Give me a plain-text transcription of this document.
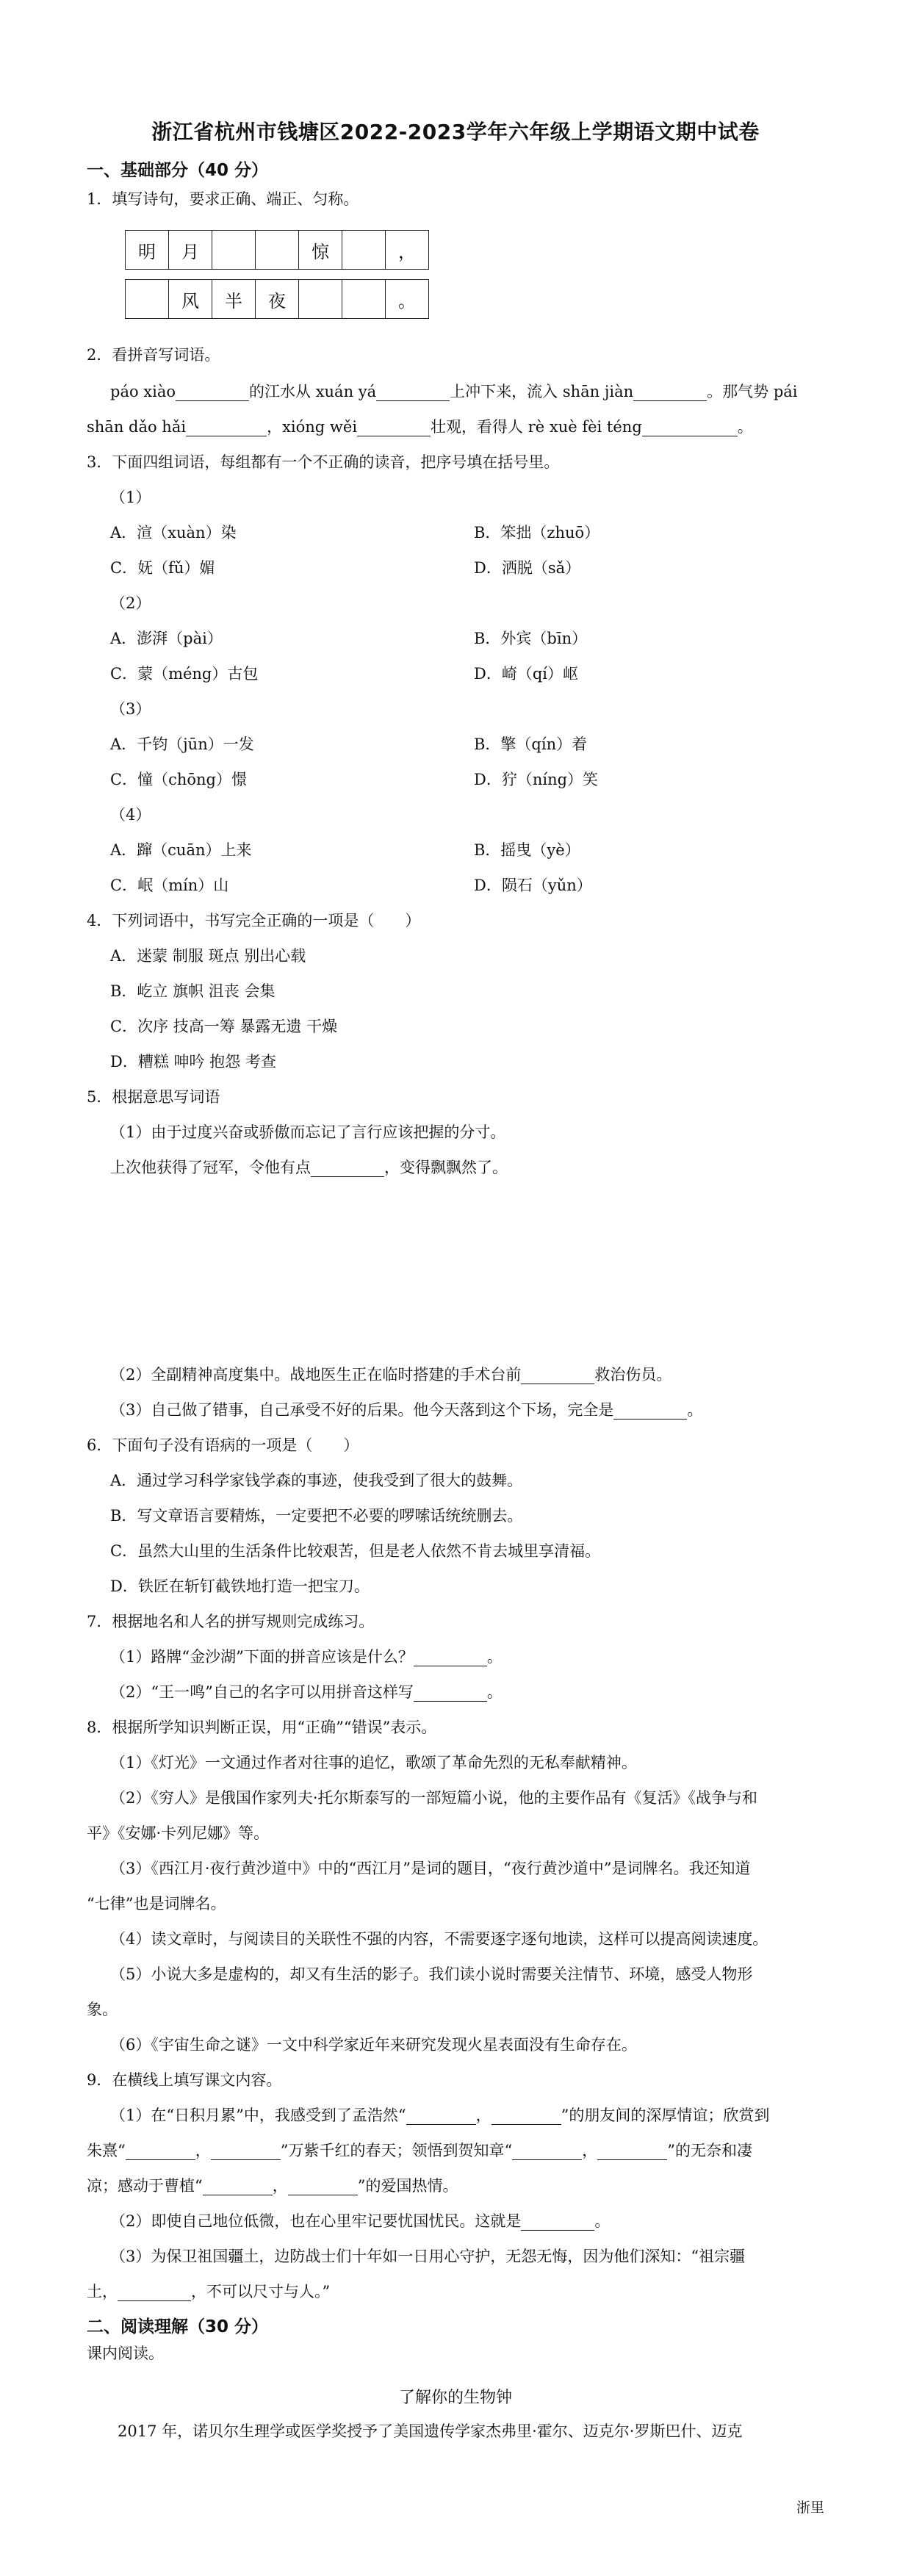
浙江省杭州市钱塘区2022-2023学年六年级上学期语文期中试卷
一、基础部分（40 分）
1．填写诗句，要求正确、端正、匀称。
明	月			惊		，
	风	半	夜			。
2．看拼音写词语。
páo xiào	的江水从 xuán yá	上冲下来，流入 shān jiàn	。那气势 pái
shān dǎo hǎi	，xióng wěi	壮观，看得人 rè xuè fèi téng	。
3．下面四组词语，每组都有一个不正确的读音，把序号填在括号里。
（1）
A．渲（xuàn）染	B．笨拙（zhuō）
C．妩（fǔ）媚	D．洒脱（sǎ）
（2）
A．澎湃（pài）	B．外宾（bīn）
C．蒙（méng）古包	D．崎（qí）岖
（3）
A．千钧（jūn）一发	B．擎（qín）着
C．憧（chōng）憬	D．狞（níng）笑
（4）
A．蹿（cuān）上来	B．摇曳（yè）
C．岷（mín）山	D．陨石（yǔn）
4．下列词语中，书写完全正确的一项是（　　）
A．迷蒙 制服 斑点 别出心载
B．屹立 旗帜 沮丧 会集
C．次序 技高一筹 暴露无遗 干燥
D．糟糕 呻吟 抱怨 考查
5．根据意思写词语
（1）由于过度兴奋或骄傲而忘记了言行应该把握的分寸。
上次他获得了冠军，令他有点	，变得飘飘然了。
（2）全副精神高度集中。战地医生正在临时搭建的手术台前	救治伤员。
（3）自己做了错事，自己承受不好的后果。他今天落到这个下场，完全是	。
6．下面句子没有语病的一项是（　　）
A．通过学习科学家钱学森的事迹，使我受到了很大的鼓舞。
B．写文章语言要精炼，一定要把不必要的啰嗦话统统删去。
C．虽然大山里的生活条件比较艰苦，但是老人依然不肯去城里享清福。
D．铁匠在斩钉截铁地打造一把宝刀。
7．根据地名和人名的拼写规则完成练习。
（1）路牌“金沙湖”下面的拼音应该是什么？	。
（2）“王一鸣”自己的名字可以用拼音这样写	。
8．根据所学知识判断正误，用“正确”“错误”表示。
（1）《灯光》一文通过作者对往事的追忆，歌颂了革命先烈的无私奉献精神。
（2）《穷人》是俄国作家列夫·托尔斯泰写的一部短篇小说，他的主要作品有《复活》《战争与和
平》《安娜·卡列尼娜》等。
（3）《西江月·夜行黄沙道中》中的“西江月”是词的题目，“夜行黄沙道中”是词牌名。我还知道
“七律”也是词牌名。
（4）读文章时，与阅读目的关联性不强的内容，不需要逐字逐句地读，这样可以提高阅读速度。
（5）小说大多是虚构的，却又有生活的影子。我们读小说时需要关注情节、环境，感受人物形
象。
（6）《宇宙生命之谜》一文中科学家近年来研究发现火星表面没有生命存在。
9．在横线上填写课文内容。
（1）在“日积月累”中，我感受到了孟浩然“	，	”的朋友间的深厚情谊；欣赏到
朱熹“	，	”万紫千红的春天；领悟到贺知章“	，	”的无奈和凄
凉；感动于曹植“	，	”的爱国热情。
（2）即使自己地位低微，也在心里牢记要忧国忧民。这就是	。
（3）为保卫祖国疆土，边防战士们十年如一日用心守护，无怨无悔，因为他们深知：“祖宗疆
土，	，不可以尺寸与人。”
二、阅读理解（30 分）
课内阅读。
了解你的生物钟
2017 年，诺贝尔生理学或医学奖授予了美国遗传学家杰弗里·霍尔、迈克尔·罗斯巴什、迈克
浙里
